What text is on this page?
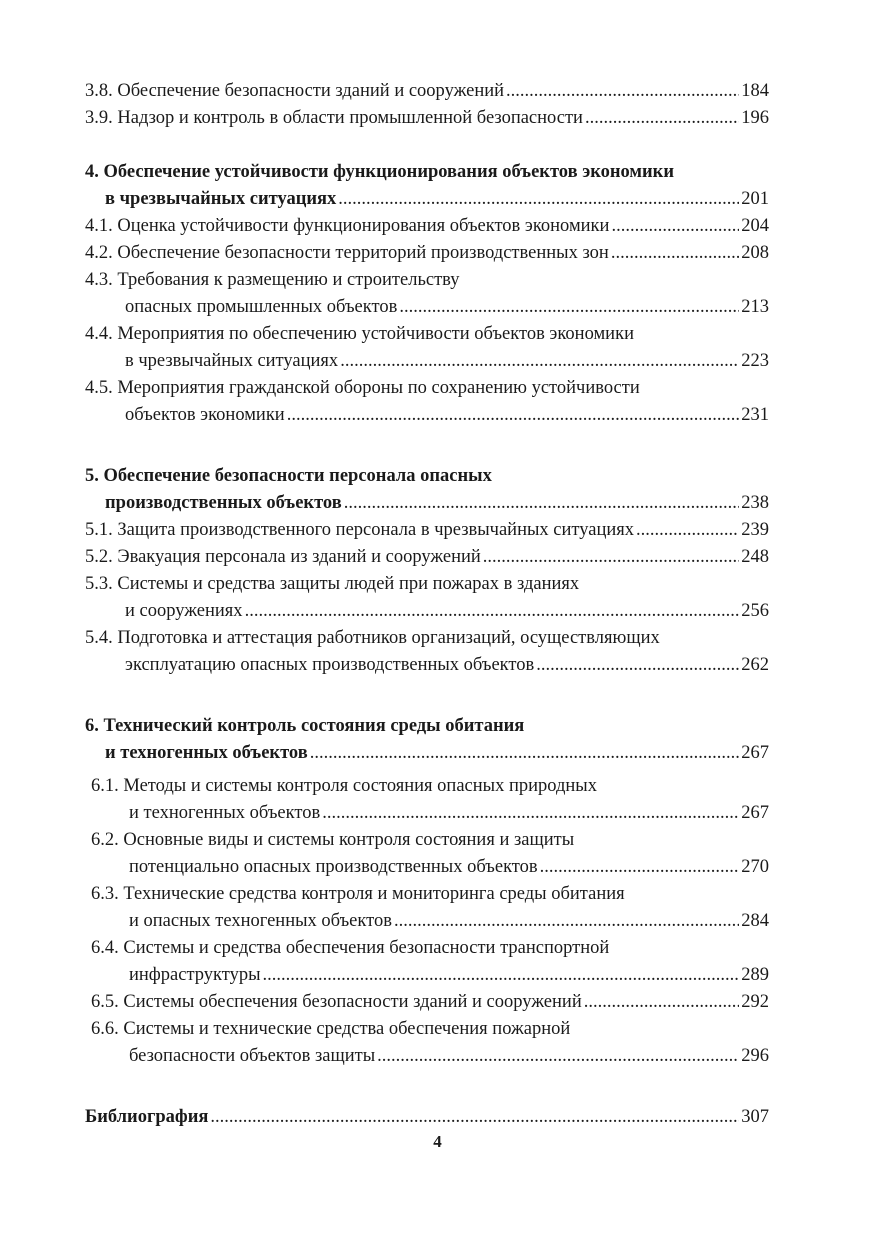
3.8. Обеспечение безопасности зданий и сооружений .....	184
3.9. Надзор и контроль в области промышленной безопасности .....	196
4. Обеспечение устойчивости функционирования объектов экономики
в чрезвычайных ситуациях .....	201
4.1. Оценка устойчивости функционирования объектов экономики .....	204
4.2. Обеспечение безопасности территорий производственных зон .....	208
4.3. Требования к размещению и строительству
опасных промышленных объектов .....	213
4.4. Мероприятия по обеспечению устойчивости объектов экономики
в чрезвычайных ситуациях .....	223
4.5. Мероприятия гражданской обороны по сохранению устойчивости
объектов экономики .....	231
5. Обеспечение безопасности персонала опасных
производственных объектов .....	238
5.1. Защита производственного персонала в чрезвычайных ситуациях .....	239
5.2. Эвакуация персонала из зданий и сооружений .....	248
5.3. Системы и средства защиты людей при пожарах в зданиях
и сооружениях .....	256
5.4. Подготовка и аттестация работников организаций, осуществляющих
эксплуатацию опасных производственных объектов .....	262
6. Технический контроль состояния среды обитания
и техногенных объектов .....	267
6.1. Методы и системы контроля состояния опасных природных
и техногенных объектов .....	267
6.2. Основные виды и системы контроля состояния и защиты
потенциально опасных производственных объектов .....	270
6.3. Технические средства контроля и мониторинга среды обитания
и опасных техногенных объектов .....	284
6.4. Системы и средства обеспечения безопасности транспортной
инфраструктуры .....	289
6.5. Системы обеспечения безопасности зданий и сооружений .....	292
6.6. Системы и технические средства обеспечения пожарной
безопасности объектов защиты .....	296
Библиография .....	307
4
